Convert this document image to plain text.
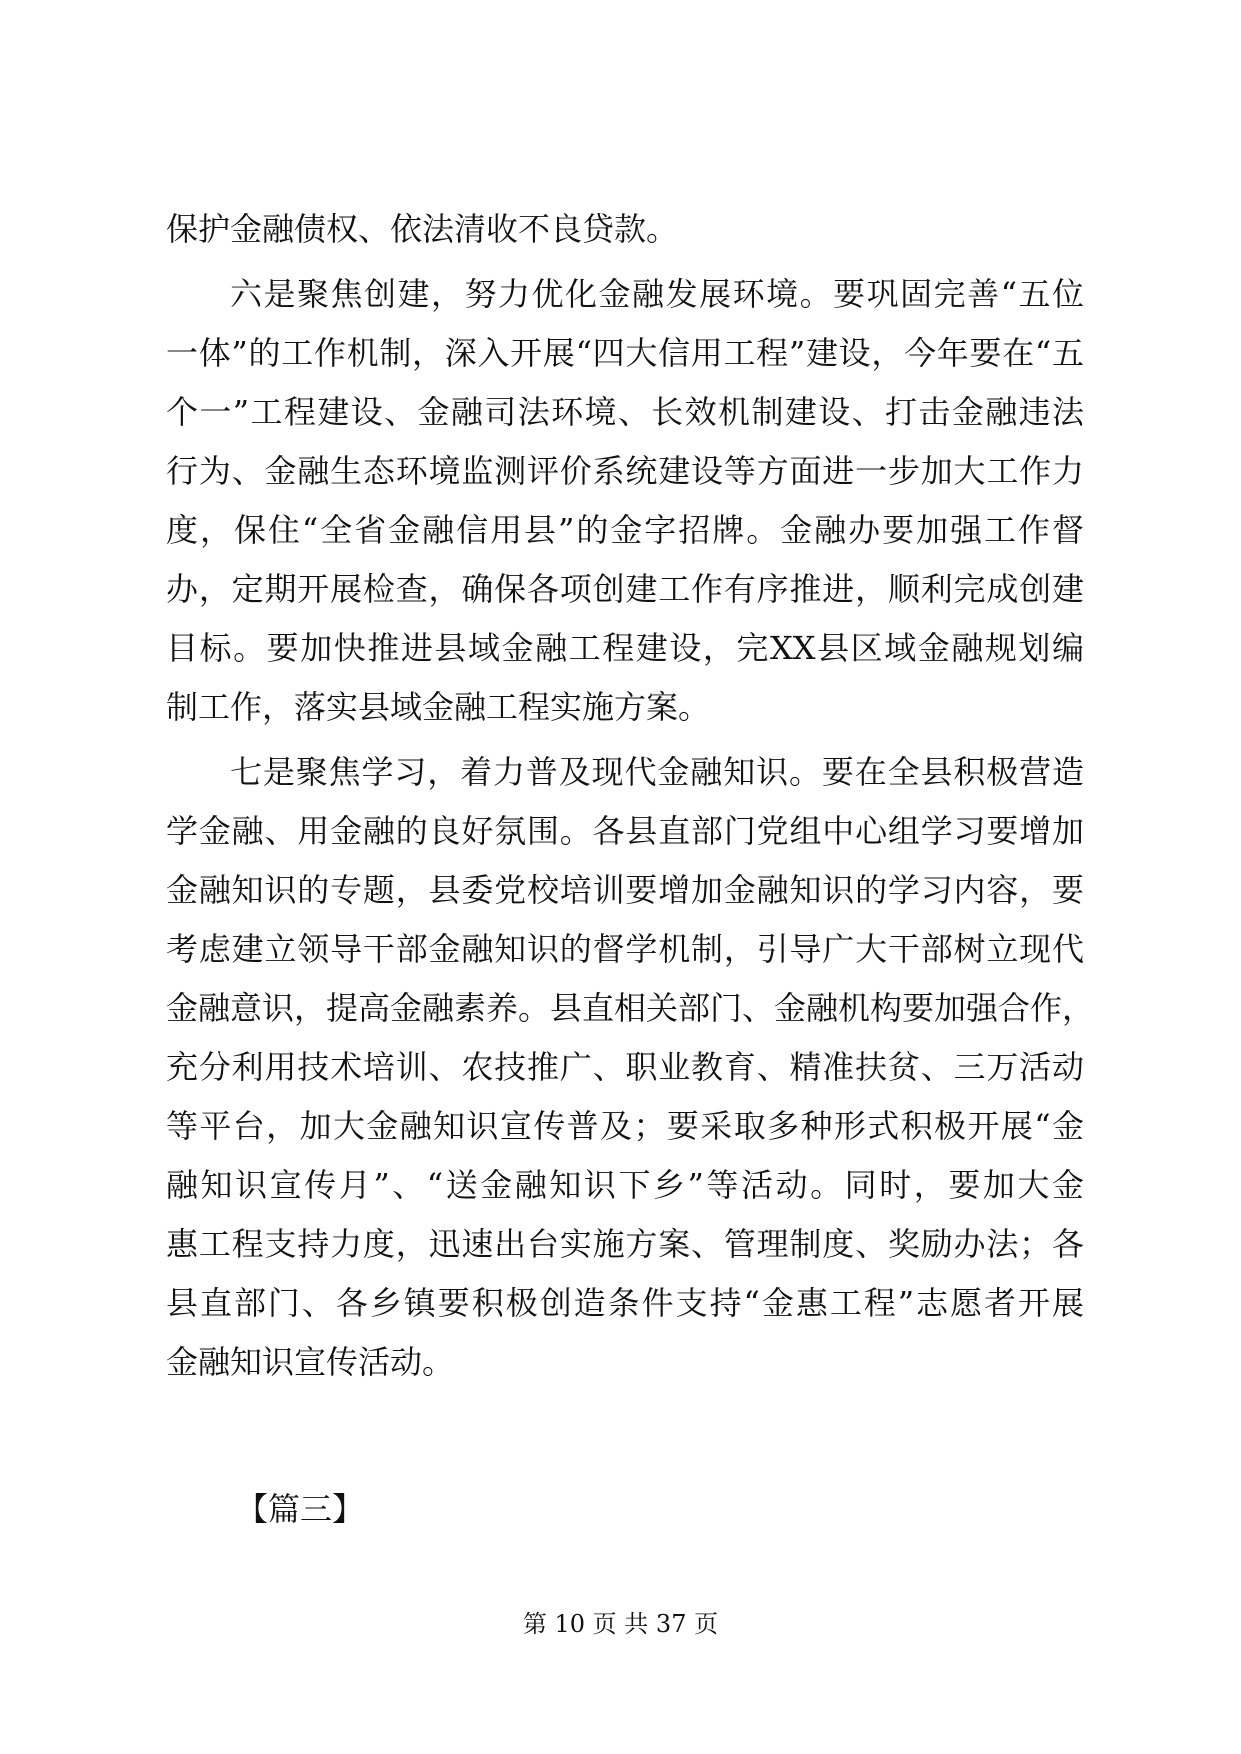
保护金融债权、依法清收不良贷款。
六是聚焦创建，努力优化金融发展环境。要巩固完善“五位
一体”的工作机制，深入开展“四大信用工程”建设，今年要在“五
个一”工程建设、金融司法环境、长效机制建设、打击金融违法
行为、金融生态环境监测评价系统建设等方面进一步加大工作力
度，保住“全省金融信用县”的金字招牌。金融办要加强工作督
办，定期开展检查，确保各项创建工作有序推进，顺利完成创建
目标。要加快推进县域金融工程建设，完XX县区域金融规划编
制工作，落实县域金融工程实施方案。
七是聚焦学习，着力普及现代金融知识。要在全县积极营造
学金融、用金融的良好氛围。各县直部门党组中心组学习要增加
金融知识的专题，县委党校培训要增加金融知识的学习内容，要
考虑建立领导干部金融知识的督学机制，引导广大干部树立现代
金融意识，提高金融素养。县直相关部门、金融机构要加强合作，
充分利用技术培训、农技推广、职业教育、精准扶贫、三万活动
等平台，加大金融知识宣传普及；要采取多种形式积极开展“金
融知识宣传月”、“送金融知识下乡”等活动。同时，要加大金
惠工程支持力度，迅速出台实施方案、管理制度、奖励办法；各
县直部门、各乡镇要积极创造条件支持“金惠工程”志愿者开展
金融知识宣传活动。
【篇三】
第 10 页 共 37 页
